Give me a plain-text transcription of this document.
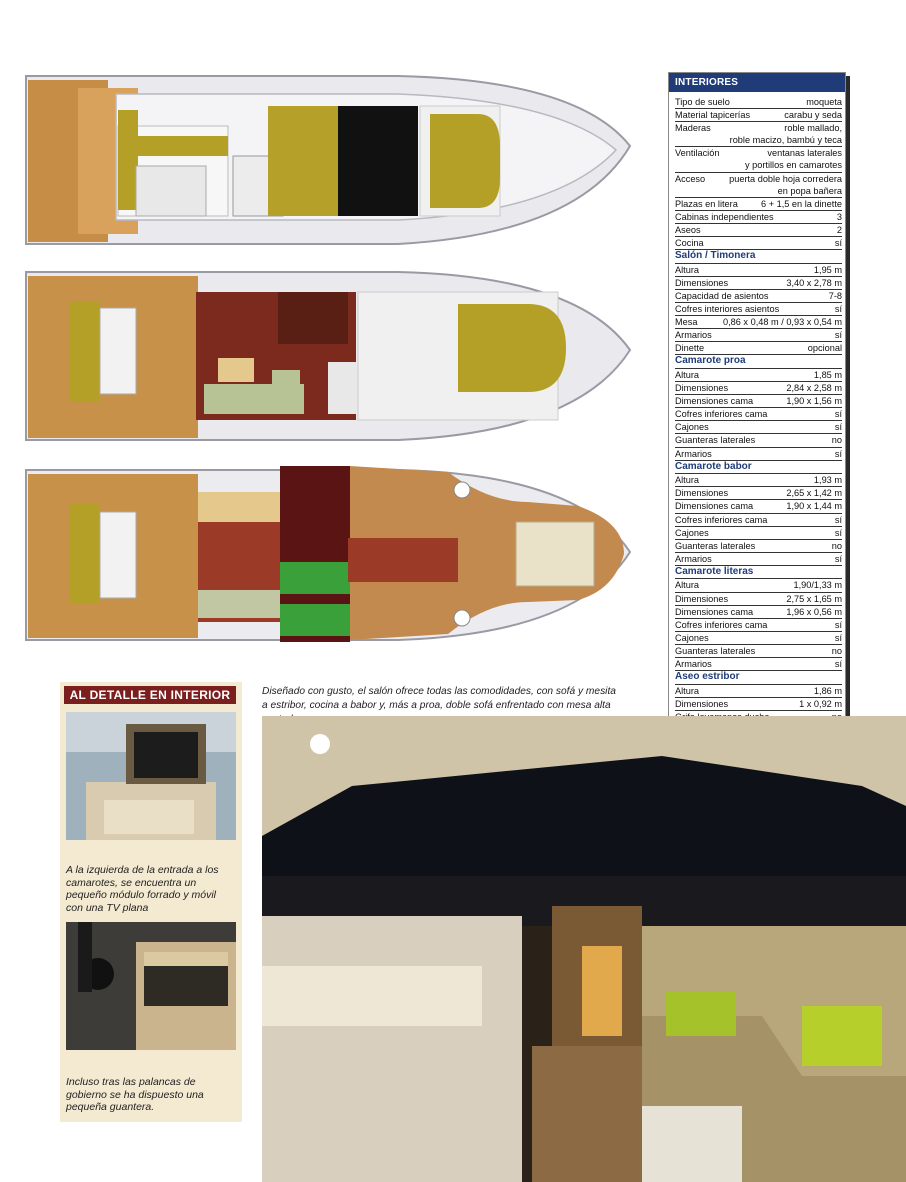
INTERIORES
Tipo de suelo	moqueta
Material tapicerías	carabu y seda
Maderas	roble mallado,
roble macizo, bambú y teca
Ventilación	ventanas laterales
y portillos en camarotes
Acceso	puerta doble hoja corredera
en popa bañera
Plazas en litera	6 + 1,5 en la dinette
Cabinas independientes	3
Aseos	2
Cocina	sí
Salón / Timonera
Altura	1,95 m
Dimensiones	3,40 x 2,78 m
Capacidad de asientos	7-8
Cofres interiores asientos	sí
Mesa	0,86 x 0,48 m / 0,93 x 0,54 m
Armarios	sí
Dinette	opcional
Camarote proa
Altura	1,85 m
Dimensiones	2,84 x 2,58 m
Dimensiones cama	1,90 x 1,56 m
Cofres inferiores cama	sí
Cajones	sí
Guanteras laterales	no
Armarios	sí
Camarote babor
Altura	1,93 m
Dimensiones	2,65 x 1,42 m
Dimensiones cama	1,90 x 1,44 m
Cofres inferiores cama	sí
Cajones	sí
Guanteras laterales	no
Armarios	sí
Camarote literas
Altura	1,90/1,33 m
Dimensiones	2,75 x 1,65 m
Dimensiones cama	1,96 x 0,56 m
Cofres inferiores cama	sí
Cajones	sí
Guanteras laterales	no
Armarios	sí
Aseo estribor
Altura	1,86 m
Dimensiones	1 x 0,92 m
Diseñado con gusto, el salón ofrece todas las comodidades, con sofá y mesita a estribor, cocina a babor y, más a proa, doble sofá enfrentado con mesa alta
AL DETALLE EN INTERIOR
A la izquierda de la entrada a los camarotes, se encuentra un pequeño módulo forrado y móvil con una TV plana
Incluso tras las palancas de gobierno se ha dispuesto una pequeña guantera.
